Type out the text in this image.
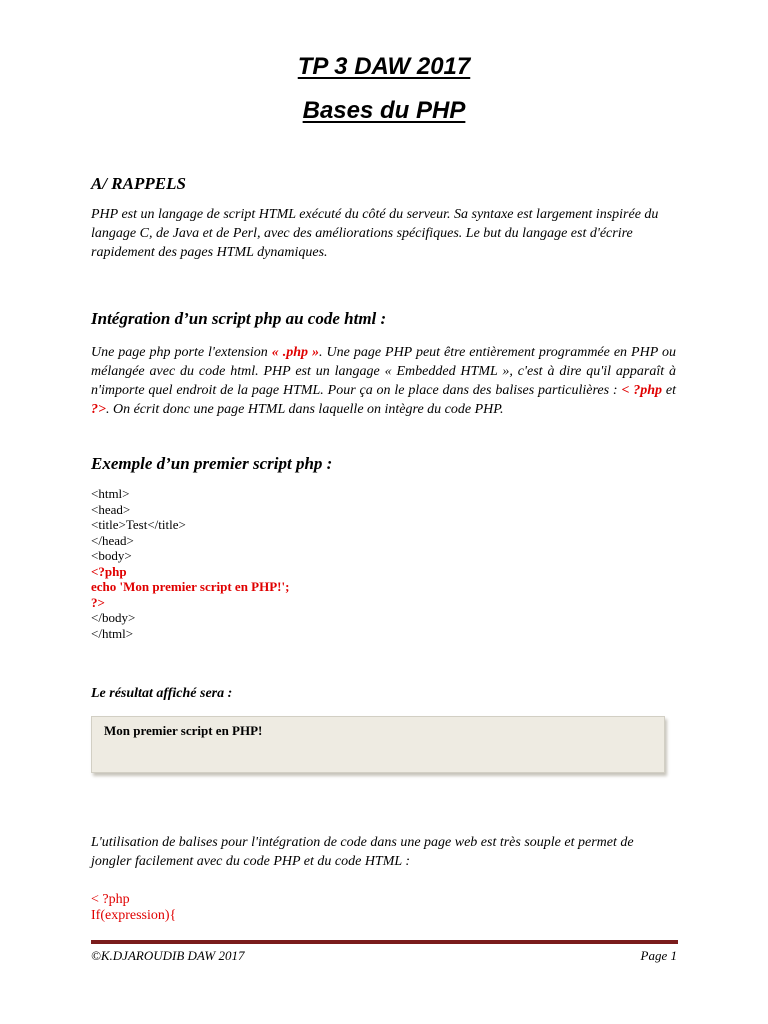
TP 3 DAW 2017
Bases du PHP
A/ RAPPELS
PHP est un langage de script HTML exécuté du côté du serveur. Sa syntaxe est largement inspirée du langage C, de Java et de Perl, avec des améliorations spécifiques. Le but du langage est d'écrire rapidement des pages HTML dynamiques.
Intégration d’un script php au code html :
Une page php porte l'extension « .php ». Une page PHP peut être entièrement programmée en PHP ou mélangée avec du code html. PHP est un langage « Embedded HTML », c'est à dire qu'il apparaît à n'importe quel endroit de la page HTML. Pour ça on le place dans des balises particulières : < ?php et ?>. On écrit donc une page HTML dans laquelle on intègre du code PHP.
Exemple d’un premier script php :
<html>
<head>
<title>Test</title>
</head>
<body>
<?php
echo 'Mon premier script en PHP!';
?>
</body>
</html>
Le résultat affiché sera :
Mon premier script en PHP!
L'utilisation de balises pour l'intégration de code dans une page web est très souple et permet de jongler facilement avec du code PHP et du code HTML :
< ?php
If(expression){
©K.DJAROUDIB DAW 2017	Page 1
